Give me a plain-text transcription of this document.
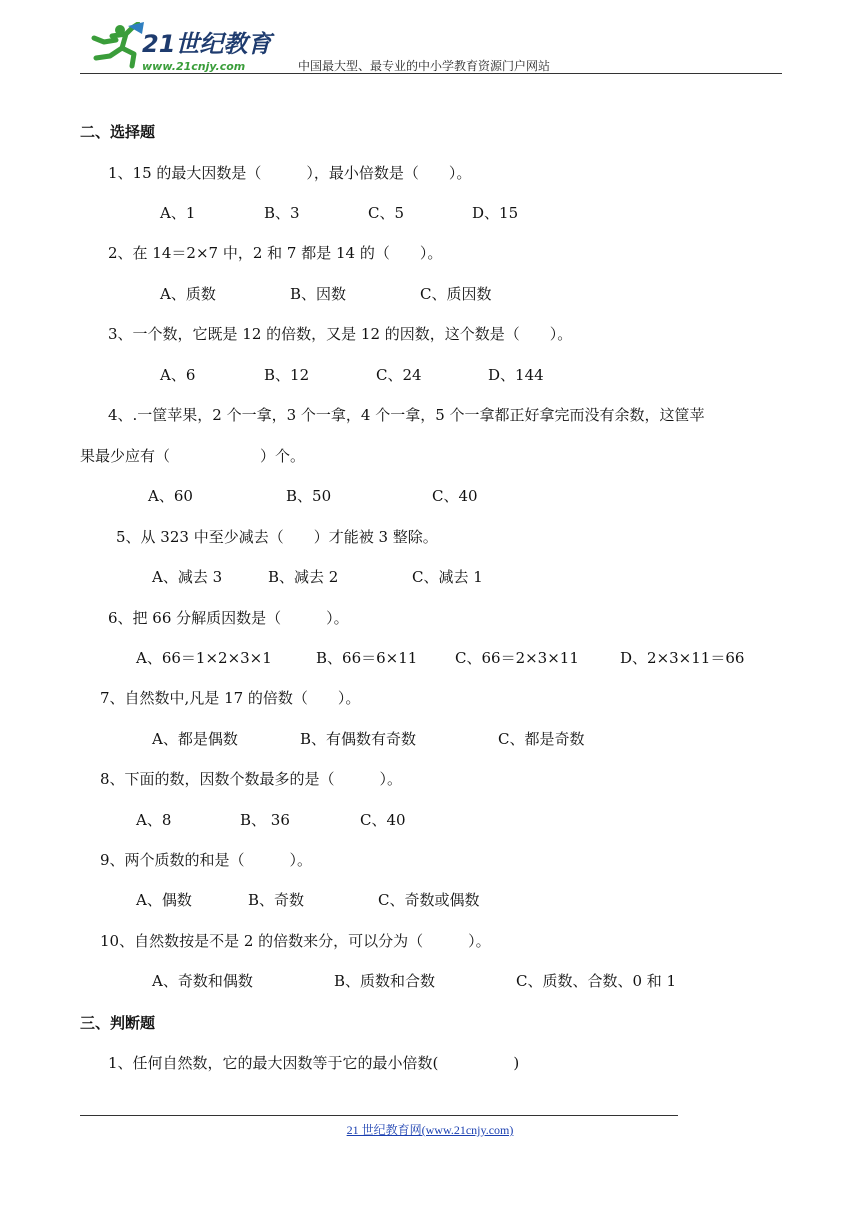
21世纪教育
www.21cnjy.com	中国最大型、最专业的中小学教育资源门户网站
二、选择题
1、15 的最大因数是（　　　），最小倍数是（　　）。
A、1	B、3	C、5	D、15
2、在 14＝2×7 中，2 和 7 都是 14 的（　　）。
A、质数	B、因数	C、质因数
3、一个数，它既是 12 的倍数，又是 12 的因数，这个数是（　　）。
A、6	B、12	C、24	D、144
4、.一筐苹果，2 个一拿，3 个一拿，4 个一拿，5 个一拿都正好拿完而没有余数，这筐苹
果最少应有（　　　　　　）个。
A、60	B、50	C、40
5、从 323 中至少减去（　　）才能被 3 整除。
A、减去 3	B、减去 2	C、减去 1
6、把 66 分解质因数是（　　　）。
A、66＝1×2×3×1	B、66＝6×11	C、66＝2×3×11	D、2×3×11＝66
7、自然数中,凡是 17 的倍数（　　）。
A、都是偶数	B、有偶数有奇数	C、都是奇数
8、下面的数，因数个数最多的是（　　　）。
A、8	B、 36	C、40
9、两个质数的和是（　　　）。
A、偶数	B、奇数	C、奇数或偶数
10、自然数按是不是 2 的倍数来分，可以分为（　　　）。
A、奇数和偶数	B、质数和合数	C、质数、合数、0 和 1
三、判断题
1、任何自然数，它的最大因数等于它的最小倍数(　　　　　)
21 世纪教育网(www.21cnjy.com)
